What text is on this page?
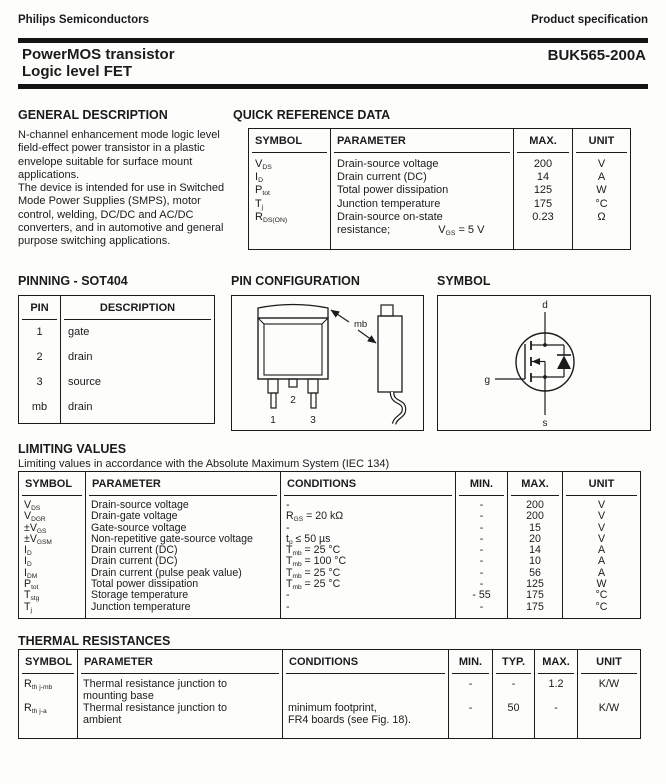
Philips Semiconductors	Product specification
PowerMOS transistor
Logic level FET
BUK565-200A
GENERAL DESCRIPTION

N-channel enhancement mode logic level field-effect power transistor in a plastic envelope suitable for surface mount applications.

The device is intended for use in Switched Mode Power Supplies (SMPS), motor control, welding, DC/DC and AC/DC converters, and in automotive and general purpose switching applications.

QUICK REFERENCE DATA
SYMBOL	PARAMETER	MAX.	UNIT

$V_{DS}$	Drain-source voltage	200	V
$I_D$	Drain current (DC)	14	A
$P_{tot}$	Total power dissipation	125	W
$T_j$	Junction temperature	175	°C
$R_{DS(ON)}$	Drain-source on-state
resistance; $V_{GS} = 5$ V	0.23	Ω
PINNING - SOT404
PIN	DESCRIPTION

1	gate
2	drain
3	source
mb	drain
PIN CONFIGURATION
mb
2
1	3
SYMBOL
d
g
s
LIMITING VALUES
Limiting values in accordance with the Absolute Maximum System (IEC 134)
SYMBOL	PARAMETER	CONDITIONS	MIN.	MAX.	UNIT

$V_{DS}$	Drain-source voltage	-	-	200	V
$V_{DGR}$	Drain-gate voltage	$R_{GS} = 20$ kΩ	-	200	V
$\pm V_{GS}$	Gate-source voltage	-	-	15	V
$\pm V_{GSM}$	Non-repetitive gate-source voltage	$t_p \le 50$ µs	-	20	V
$I_D$	Drain current (DC)	$T_{mb} = 25$ °C	-	14	A
$I_D$	Drain current (DC)	$T_{mb} = 100$ °C	-	10	A
$I_{DM}$	Drain current (pulse peak value)	$T_{mb} = 25$ °C	-	56	A
$P_{tot}$	Total power dissipation	$T_{mb} = 25$ °C	-	125	W
$T_{stg}$	Storage temperature	-	- 55	175	°C
$T_j$	Junction temperature	-	-	175	°C
THERMAL RESISTANCES
SYMBOL	PARAMETER	CONDITIONS	MIN.	TYP.	MAX.	UNIT

$R_{th j-mb}$	Thermal resistance junction to
mounting base		-	-	1.2	K/W
$R_{th j-a}$	Thermal resistance junction to
ambient	minimum footprint,
FR4 boards (see Fig. 18).	-	50	-	K/W
